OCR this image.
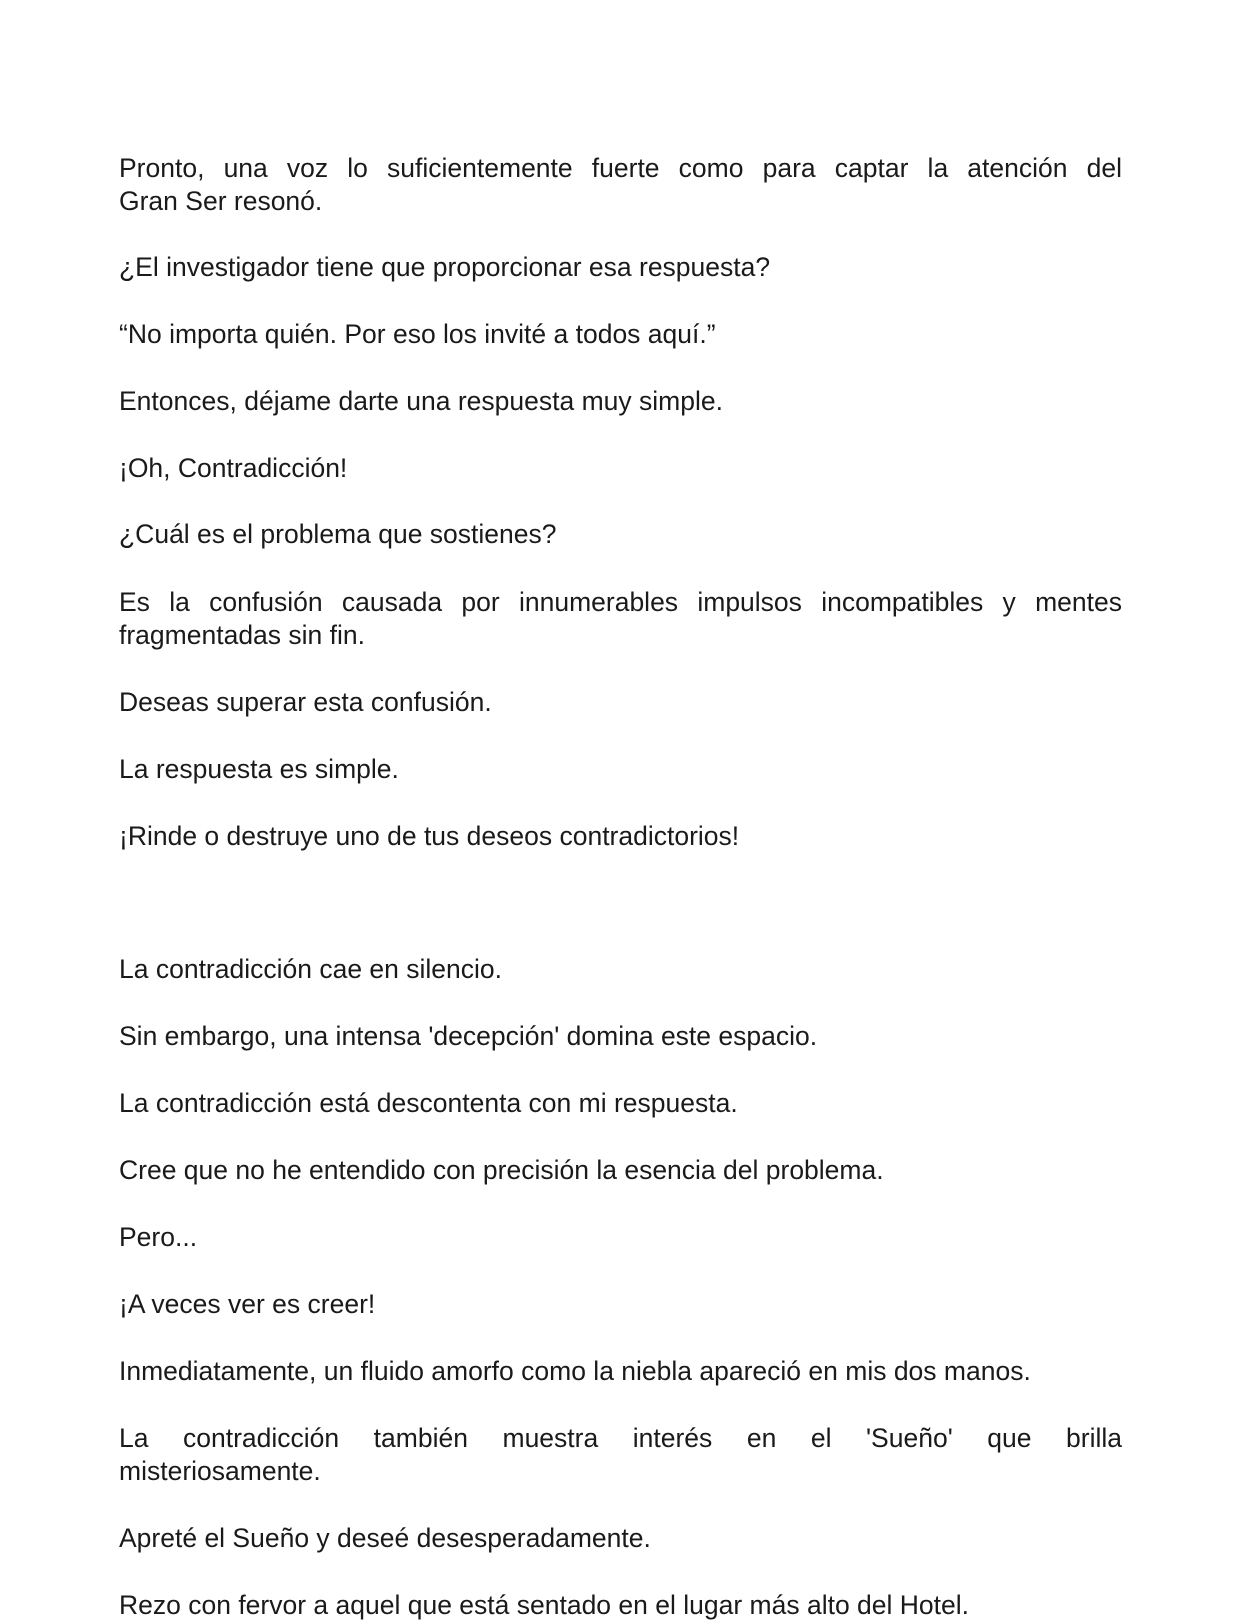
Pronto, una voz lo suficientemente fuerte como para captar la atención del

Gran Ser resonó.

¿El investigador tiene que proporcionar esa respuesta?

“No importa quién. Por eso los invité a todos aquí.”

Entonces, déjame darte una respuesta muy simple.

¡Oh, Contradicción!

¿Cuál es el problema que sostienes?

Es la confusión causada por innumerables impulsos incompatibles y mentes

fragmentadas sin fin.

Deseas superar esta confusión.

La respuesta es simple.

¡Rinde o destruye uno de tus deseos contradictorios!

La contradicción cae en silencio.

Sin embargo, una intensa 'decepción' domina este espacio.

La contradicción está descontenta con mi respuesta.

Cree que no he entendido con precisión la esencia del problema.

Pero...

¡A veces ver es creer!

Inmediatamente, un fluido amorfo como la niebla apareció en mis dos manos.

La contradicción también muestra interés en el 'Sueño' que brilla

misteriosamente.

Apreté el Sueño y deseé desesperadamente.

Rezo con fervor a aquel que está sentado en el lugar más alto del Hotel.
